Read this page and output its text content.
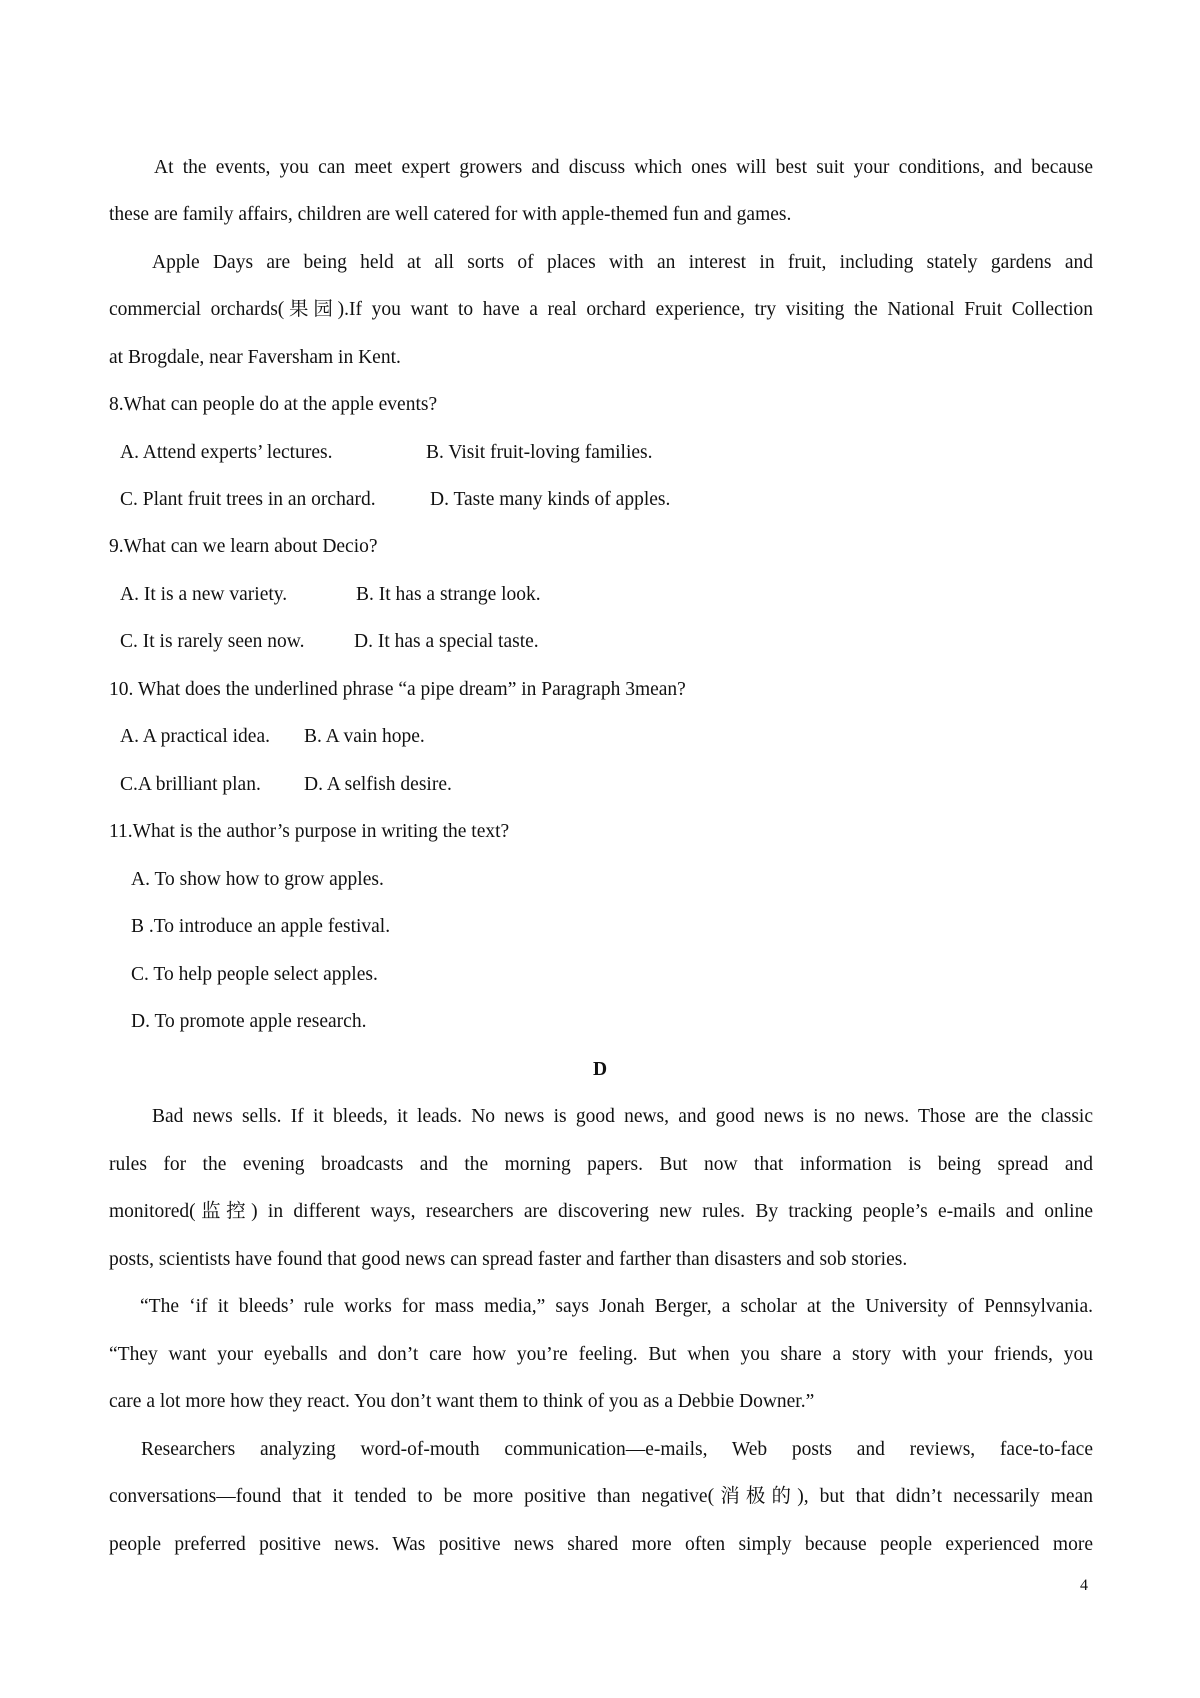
At the events, you can meet expert growers and discuss which ones will best suit your conditions, and because
these are family affairs, children are well catered for with apple-themed fun and games.
Apple Days are being held at all sorts of places with an interest in fruit, including stately gardens and
commercial orchards(果园).If you want to have a real orchard experience, try visiting the National Fruit Collection
at Brogdale, near Faversham in Kent.
8.What can people do at the apple events?
A. Attend experts’ lectures.	B. Visit fruit-loving families.
C. Plant fruit trees in an orchard.	D. Taste many kinds of apples.
9.What can we learn about Decio?
A. It is a new variety.	B. It has a strange look.
C. It is rarely seen now.	D. It has a special taste.
10. What does the underlined phrase “a pipe dream” in Paragraph 3mean?
A. A practical idea. B. A vain hope.
C.A brilliant plan. D. A selfish desire.
11.What is the author’s purpose in writing the text?
A. To show how to grow apples.
B .To introduce an apple festival.
C. To help people select apples.
D. To promote apple research.
D
Bad news sells. If it bleeds, it leads. No news is good news, and good news is no news. Those are the classic
rules for the evening broadcasts and the morning papers. But now that information is being spread and
monitored(监控) in different ways, researchers are discovering new rules. By tracking people’s e-mails and online
posts, scientists have found that good news can spread faster and farther than disasters and sob stories.
“The ‘if it bleeds’ rule works for mass media,” says Jonah Berger, a scholar at the University of Pennsylvania.
“They want your eyeballs and don’t care how you’re feeling. But when you share a story with your friends, you
care a lot more how they react. You don’t want them to think of you as a Debbie Downer.”
Researchers analyzing word-of-mouth communication—e-mails, Web posts and reviews, face-to-face
conversations—found that it tended to be more positive than negative(消极的), but that didn’t necessarily mean
people preferred positive news. Was positive news shared more often simply because people experienced more
4
